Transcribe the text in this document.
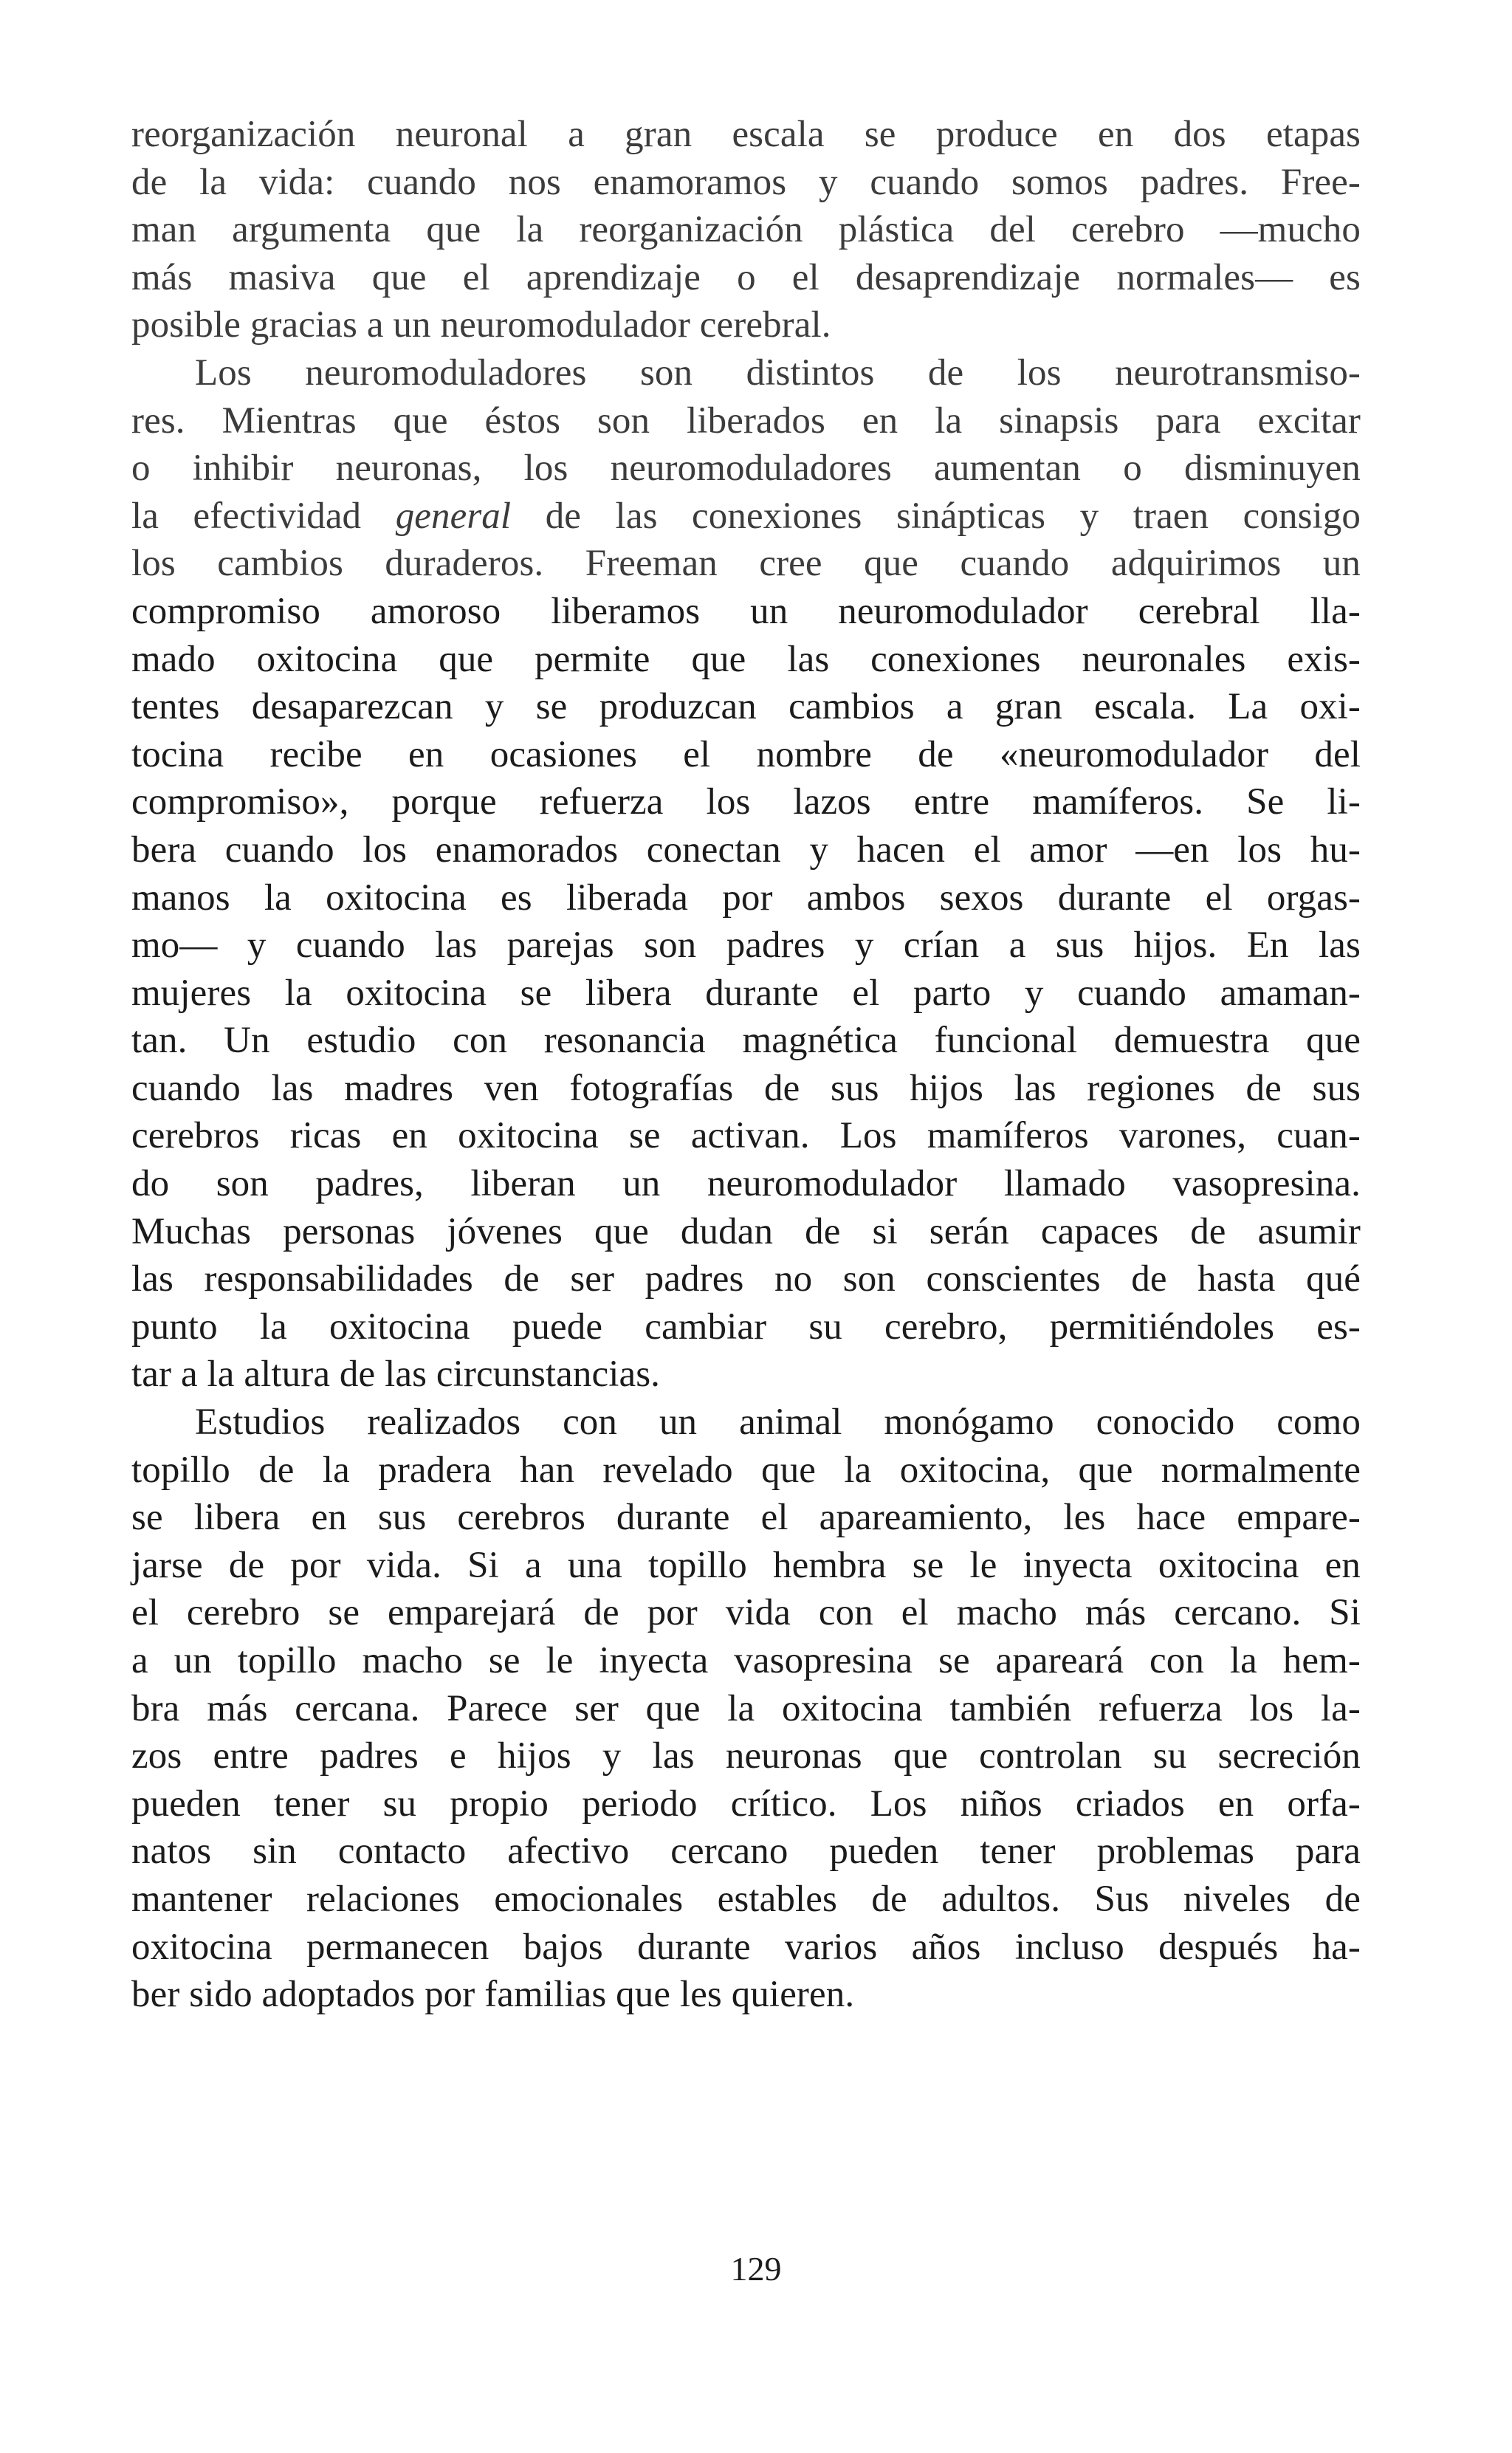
reorganización neuronal a gran escala se produce en dos etapas
de la vida: cuando nos enamoramos y cuando somos padres. Free-
man argumenta que la reorganización plástica del cerebro —mucho
más masiva que el aprendizaje o el desaprendizaje normales— es
posible gracias a un neuromodulador cerebral.
Los neuromoduladores son distintos de los neurotransmiso-
res. Mientras que éstos son liberados en la sinapsis para excitar
o inhibir neuronas, los neuromoduladores aumentan o disminuyen
la efectividad general de las conexiones sinápticas y traen consigo
los cambios duraderos. Freeman cree que cuando adquirimos un
compromiso amoroso liberamos un neuromodulador cerebral lla-
mado oxitocina que permite que las conexiones neuronales exis-
tentes desaparezcan y se produzcan cambios a gran escala. La oxi-
tocina recibe en ocasiones el nombre de «neuromodulador del
compromiso», porque refuerza los lazos entre mamíferos. Se li-
bera cuando los enamorados conectan y hacen el amor —en los hu-
manos la oxitocina es liberada por ambos sexos durante el orgas-
mo— y cuando las parejas son padres y crían a sus hijos. En las
mujeres la oxitocina se libera durante el parto y cuando amaman-
tan. Un estudio con resonancia magnética funcional demuestra que
cuando las madres ven fotografías de sus hijos las regiones de sus
cerebros ricas en oxitocina se activan. Los mamíferos varones, cuan-
do son padres, liberan un neuromodulador llamado vasopresina.
Muchas personas jóvenes que dudan de si serán capaces de asumir
las responsabilidades de ser padres no son conscientes de hasta qué
punto la oxitocina puede cambiar su cerebro, permitiéndoles es-
tar a la altura de las circunstancias.
Estudios realizados con un animal monógamo conocido como
topillo de la pradera han revelado que la oxitocina, que normalmente
se libera en sus cerebros durante el apareamiento, les hace empare-
jarse de por vida. Si a una topillo hembra se le inyecta oxitocina en
el cerebro se emparejará de por vida con el macho más cercano. Si
a un topillo macho se le inyecta vasopresina se apareará con la hem-
bra más cercana. Parece ser que la oxitocina también refuerza los la-
zos entre padres e hijos y las neuronas que controlan su secreción
pueden tener su propio periodo crítico. Los niños criados en orfa-
natos sin contacto afectivo cercano pueden tener problemas para
mantener relaciones emocionales estables de adultos. Sus niveles de
oxitocina permanecen bajos durante varios años incluso después ha-
ber sido adoptados por familias que les quieren.
129
